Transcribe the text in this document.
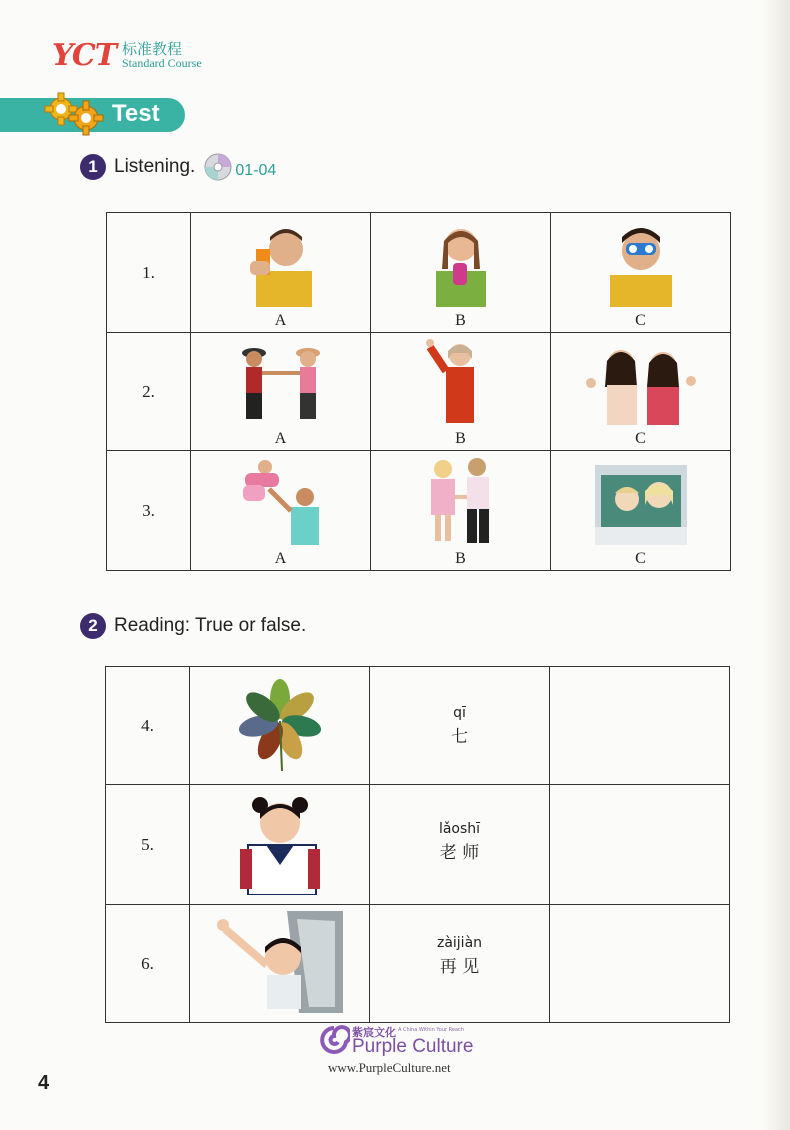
YCT 标准教程
Standard Course
Test
1 Listening.	01-04
1.	A	B	C

2.	A	B	C

3.	A	B	C
2 Reading: True or false.
4.		qī
七	

5.		lǎoshī
老 师	

6.		zàijiàn
再 见	

紫宸文化 A China Within Your Reach
Purple Culture
www.PurpleCulture.net
4
